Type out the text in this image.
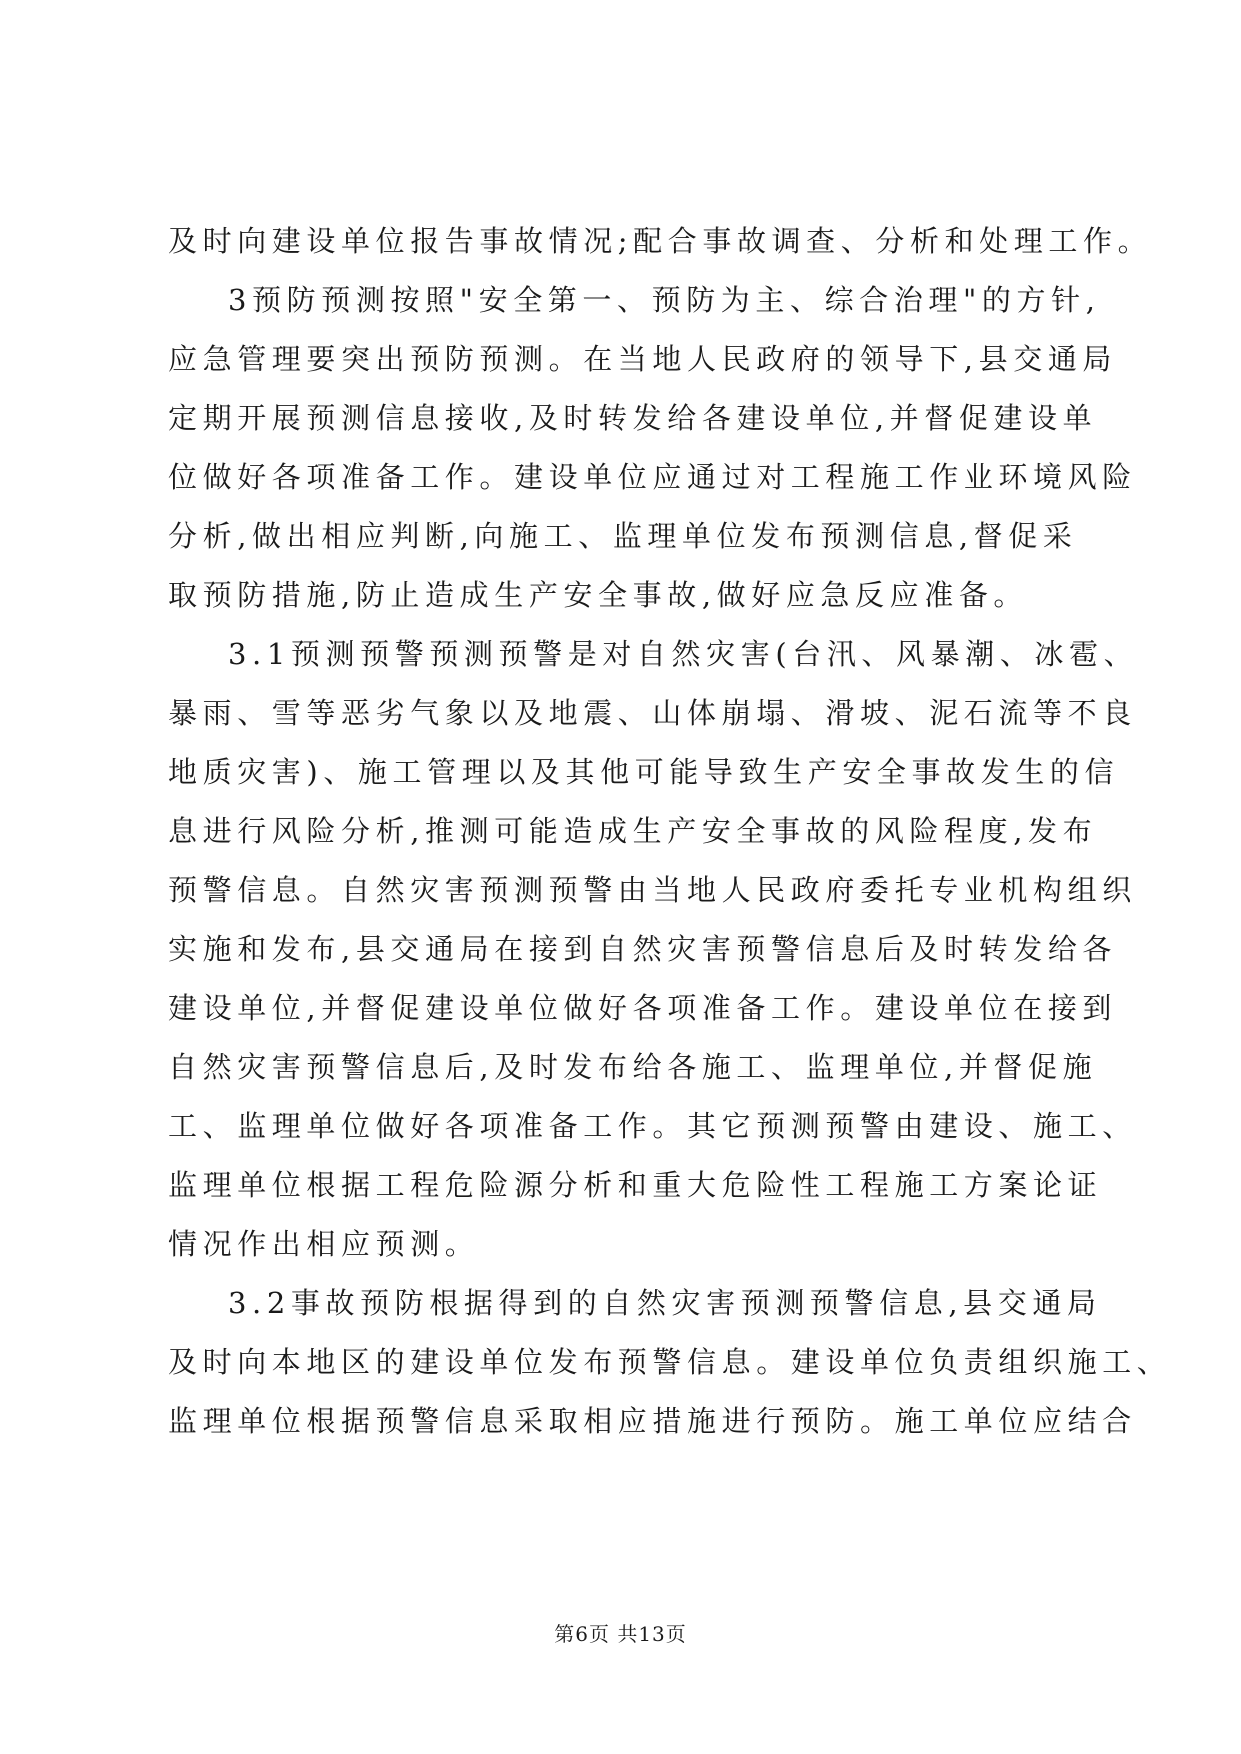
及时向建设单位报告事故情况;配合事故调查、分析和处理工作。
3预防预测按照"安全第一、预防为主、综合治理"的方针,
应急管理要突出预防预测。在当地人民政府的领导下,县交通局
定期开展预测信息接收,及时转发给各建设单位,并督促建设单
位做好各项准备工作。建设单位应通过对工程施工作业环境风险
分析,做出相应判断,向施工、监理单位发布预测信息,督促采
取预防措施,防止造成生产安全事故,做好应急反应准备。
3.1预测预警预测预警是对自然灾害(台汛、风暴潮、冰雹、
暴雨、雪等恶劣气象以及地震、山体崩塌、滑坡、泥石流等不良
地质灾害)、施工管理以及其他可能导致生产安全事故发生的信
息进行风险分析,推测可能造成生产安全事故的风险程度,发布
预警信息。自然灾害预测预警由当地人民政府委托专业机构组织
实施和发布,县交通局在接到自然灾害预警信息后及时转发给各
建设单位,并督促建设单位做好各项准备工作。建设单位在接到
自然灾害预警信息后,及时发布给各施工、监理单位,并督促施
工、监理单位做好各项准备工作。其它预测预警由建设、施工、
监理单位根据工程危险源分析和重大危险性工程施工方案论证
情况作出相应预测。
3.2事故预防根据得到的自然灾害预测预警信息,县交通局
及时向本地区的建设单位发布预警信息。建设单位负责组织施工、
监理单位根据预警信息采取相应措施进行预防。施工单位应结合
第6页 共13页
